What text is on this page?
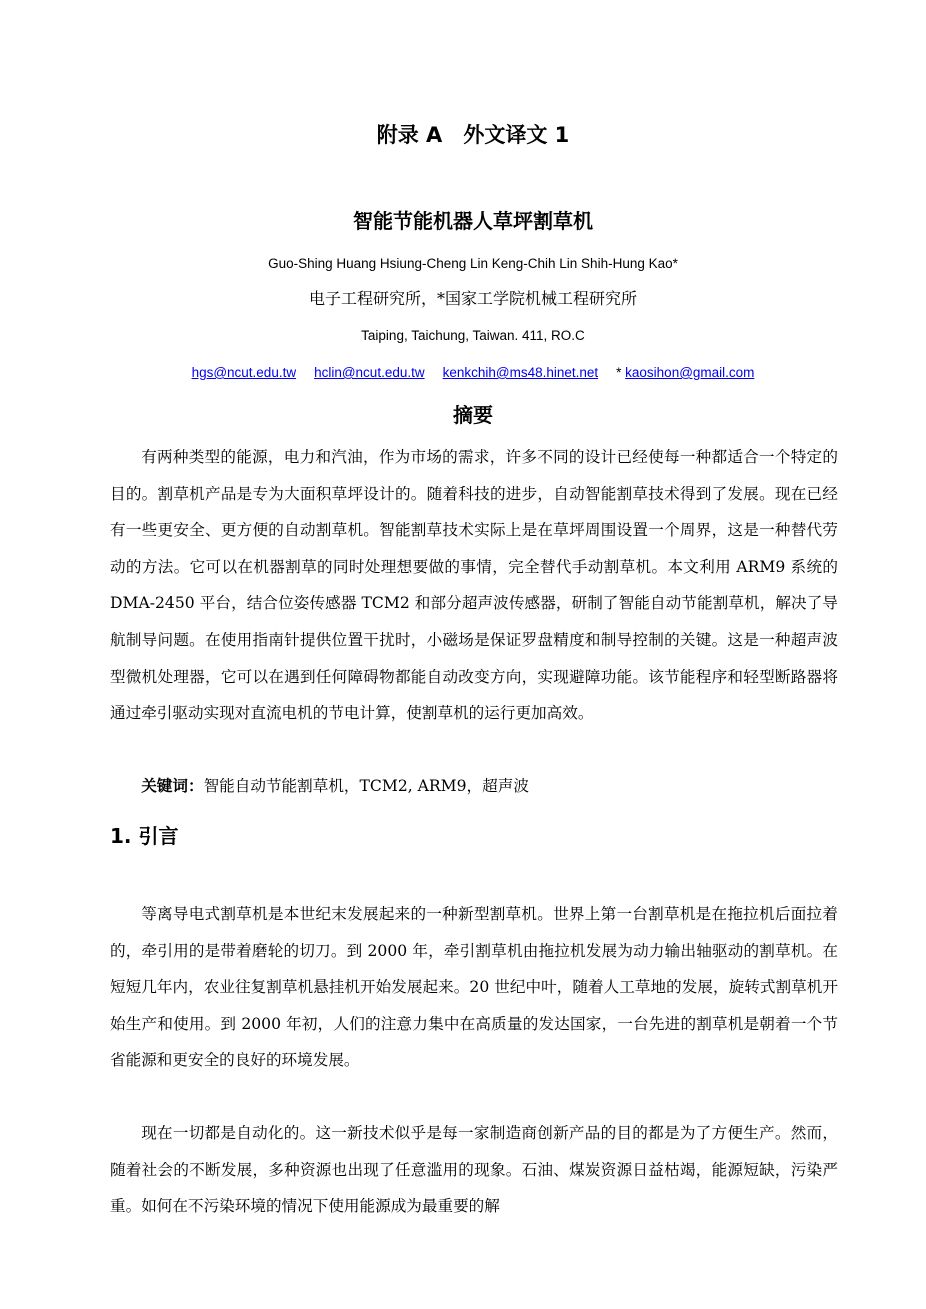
附录 A　外文译文 1
智能节能机器人草坪割草机
Guo-Shing Huang Hsiung-Cheng Lin Keng-Chih Lin Shih-Hung Kao*
电子工程研究所，*国家工学院机械工程研究所
Taiping, Taichung, Taiwan. 411, RO.C
hgs@ncut.edu.tw hclin@ncut.edu.tw kenkchih@ms48.hinet.net * kaosihon@gmail.com
摘要

有两种类型的能源，电力和汽油，作为市场的需求，许多不同的设计已经使每一种都适合一个特定的目的。割草机产品是专为大面积草坪设计的。随着科技的进步，自动智能割草技术得到了发展。现在已经有一些更安全、更方便的自动割草机。智能割草技术实际上是在草坪周围设置一个周界，这是一种替代劳动的方法。它可以在机器割草的同时处理想要做的事情，完全替代手动割草机。本文利用 ARM9 系统的 DMA-2450 平台，结合位姿传感器 TCM2 和部分超声波传感器，研制了智能自动节能割草机，解决了导航制导问题。在使用指南针提供位置干扰时，小磁场是保证罗盘精度和制导控制的关键。这是一种超声波型微机处理器，它可以在遇到任何障碍物都能自动改变方向，实现避障功能。该节能程序和轻型断路器将通过牵引驱动实现对直流电机的节电计算，使割草机的运行更加高效。

关键词：智能自动节能割草机，TCM2, ARM9，超声波

1. 引言

等离导电式割草机是本世纪末发展起来的一种新型割草机。世界上第一台割草机是在拖拉机后面拉着的，牵引用的是带着磨轮的切刀。到 2000 年，牵引割草机由拖拉机发展为动力输出轴驱动的割草机。在短短几年内，农业往复割草机悬挂机开始发展起来。20 世纪中叶，随着人工草地的发展，旋转式割草机开始生产和使用。到 2000 年初，人们的注意力集中在高质量的发达国家，一台先进的割草机是朝着一个节省能源和更安全的良好的环境发展。

现在一切都是自动化的。这一新技术似乎是每一家制造商创新产品的目的都是为了方便生产。然而，随着社会的不断发展，多种资源也出现了任意滥用的现象。石油、煤炭资源日益枯竭，能源短缺，污染严重。如何在不污染环境的情况下使用能源成为最重要的解
